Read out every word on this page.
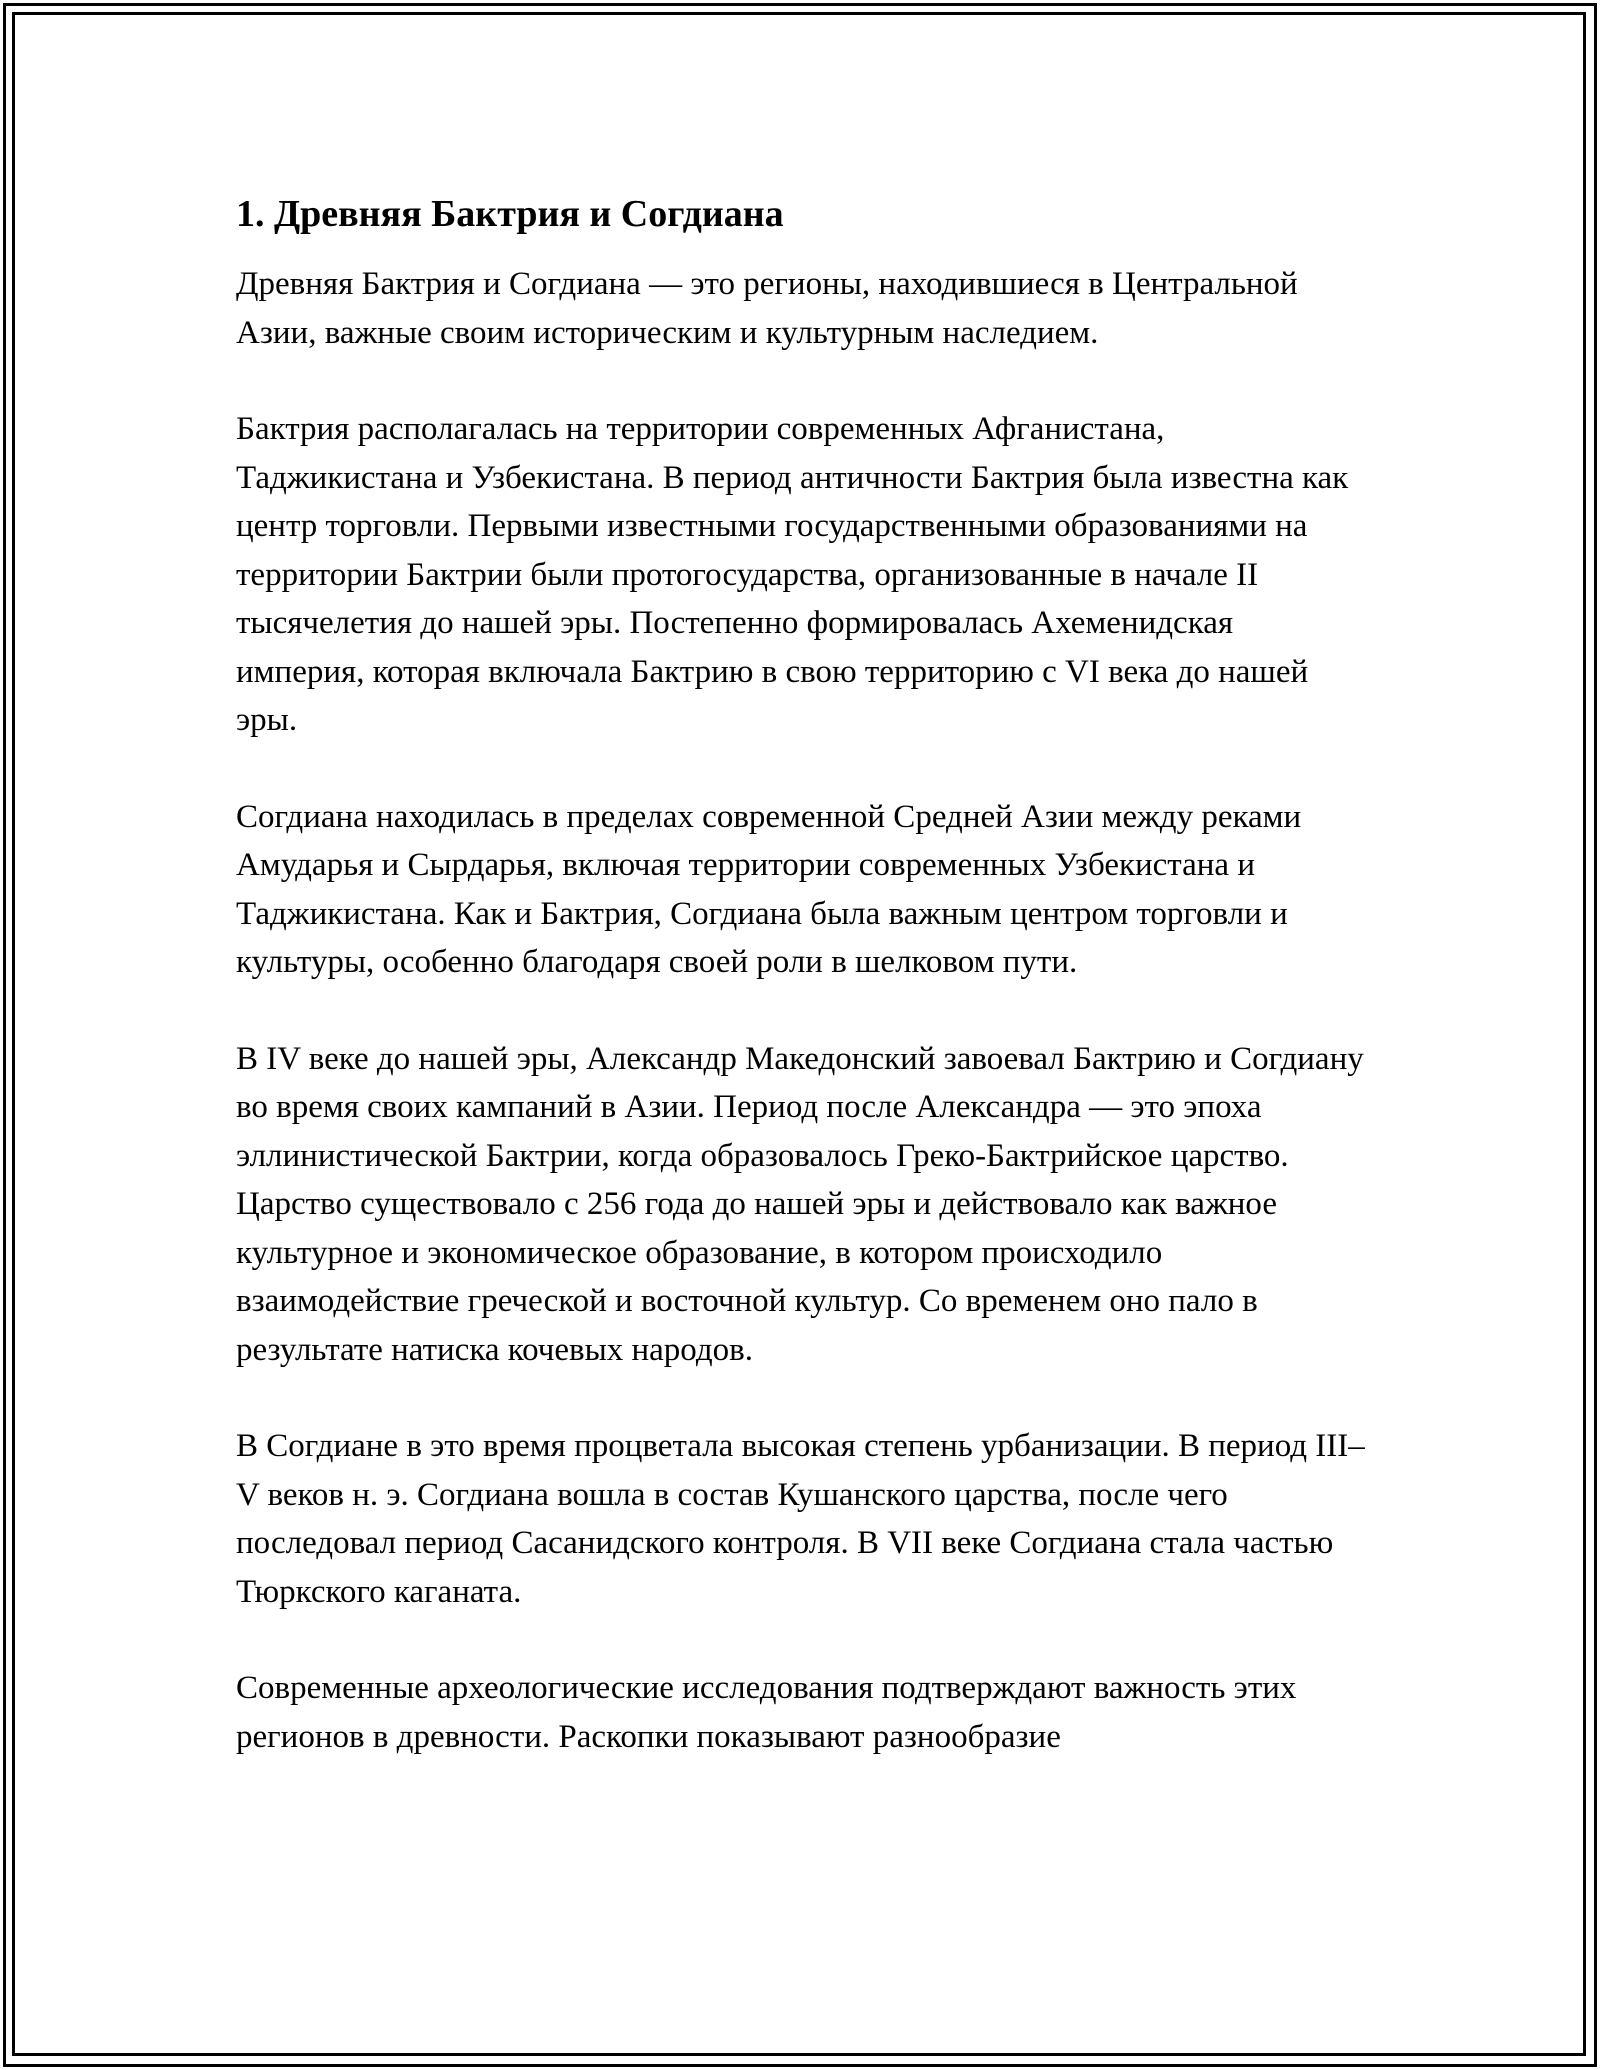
1. Древняя Бактрия и Согдиана

Древняя Бактрия и Согдиана — это регионы, находившиеся в Центральной Азии, важные своим историческим и культурным наследием.

Бактрия располагалась на территории современных Афганистана, Таджикистана и Узбекистана. В период античности Бактрия была известна как центр торговли. Первыми известными государственными образованиями на территории Бактрии были протогосударства, организованные в начале II тысячелетия до нашей эры. Постепенно формировалась Ахеменидская империя, которая включала Бактрию в свою территорию с VI века до нашей эры.

Согдиана находилась в пределах современной Средней Азии между реками Амударья и Сырдарья, включая территории современных Узбекистана и Таджикистана. Как и Бактрия, Согдиана была важным центром торговли и культуры, особенно благодаря своей роли в шелковом пути.

В IV веке до нашей эры, Александр Македонский завоевал Бактрию и Согдиану во время своих кампаний в Азии. Период после Александра — это эпоха эллинистической Бактрии, когда образовалось Греко-Бактрийское царство. Царство существовало с 256 года до нашей эры и действовало как важное культурное и экономическое образование, в котором происходило взаимодействие греческой и восточной культур. Со временем оно пало в результате натиска кочевых народов.

В Согдиане в это время процветала высокая степень урбанизации. В период III–V веков н. э. Согдиана вошла в состав Кушанского царства, после чего последовал период Сасанидского контроля. В VII веке Согдиана стала частью Тюркского каганата.

Современные археологические исследования подтверждают важность этих регионов в древности. Раскопки показывают разнообразие
